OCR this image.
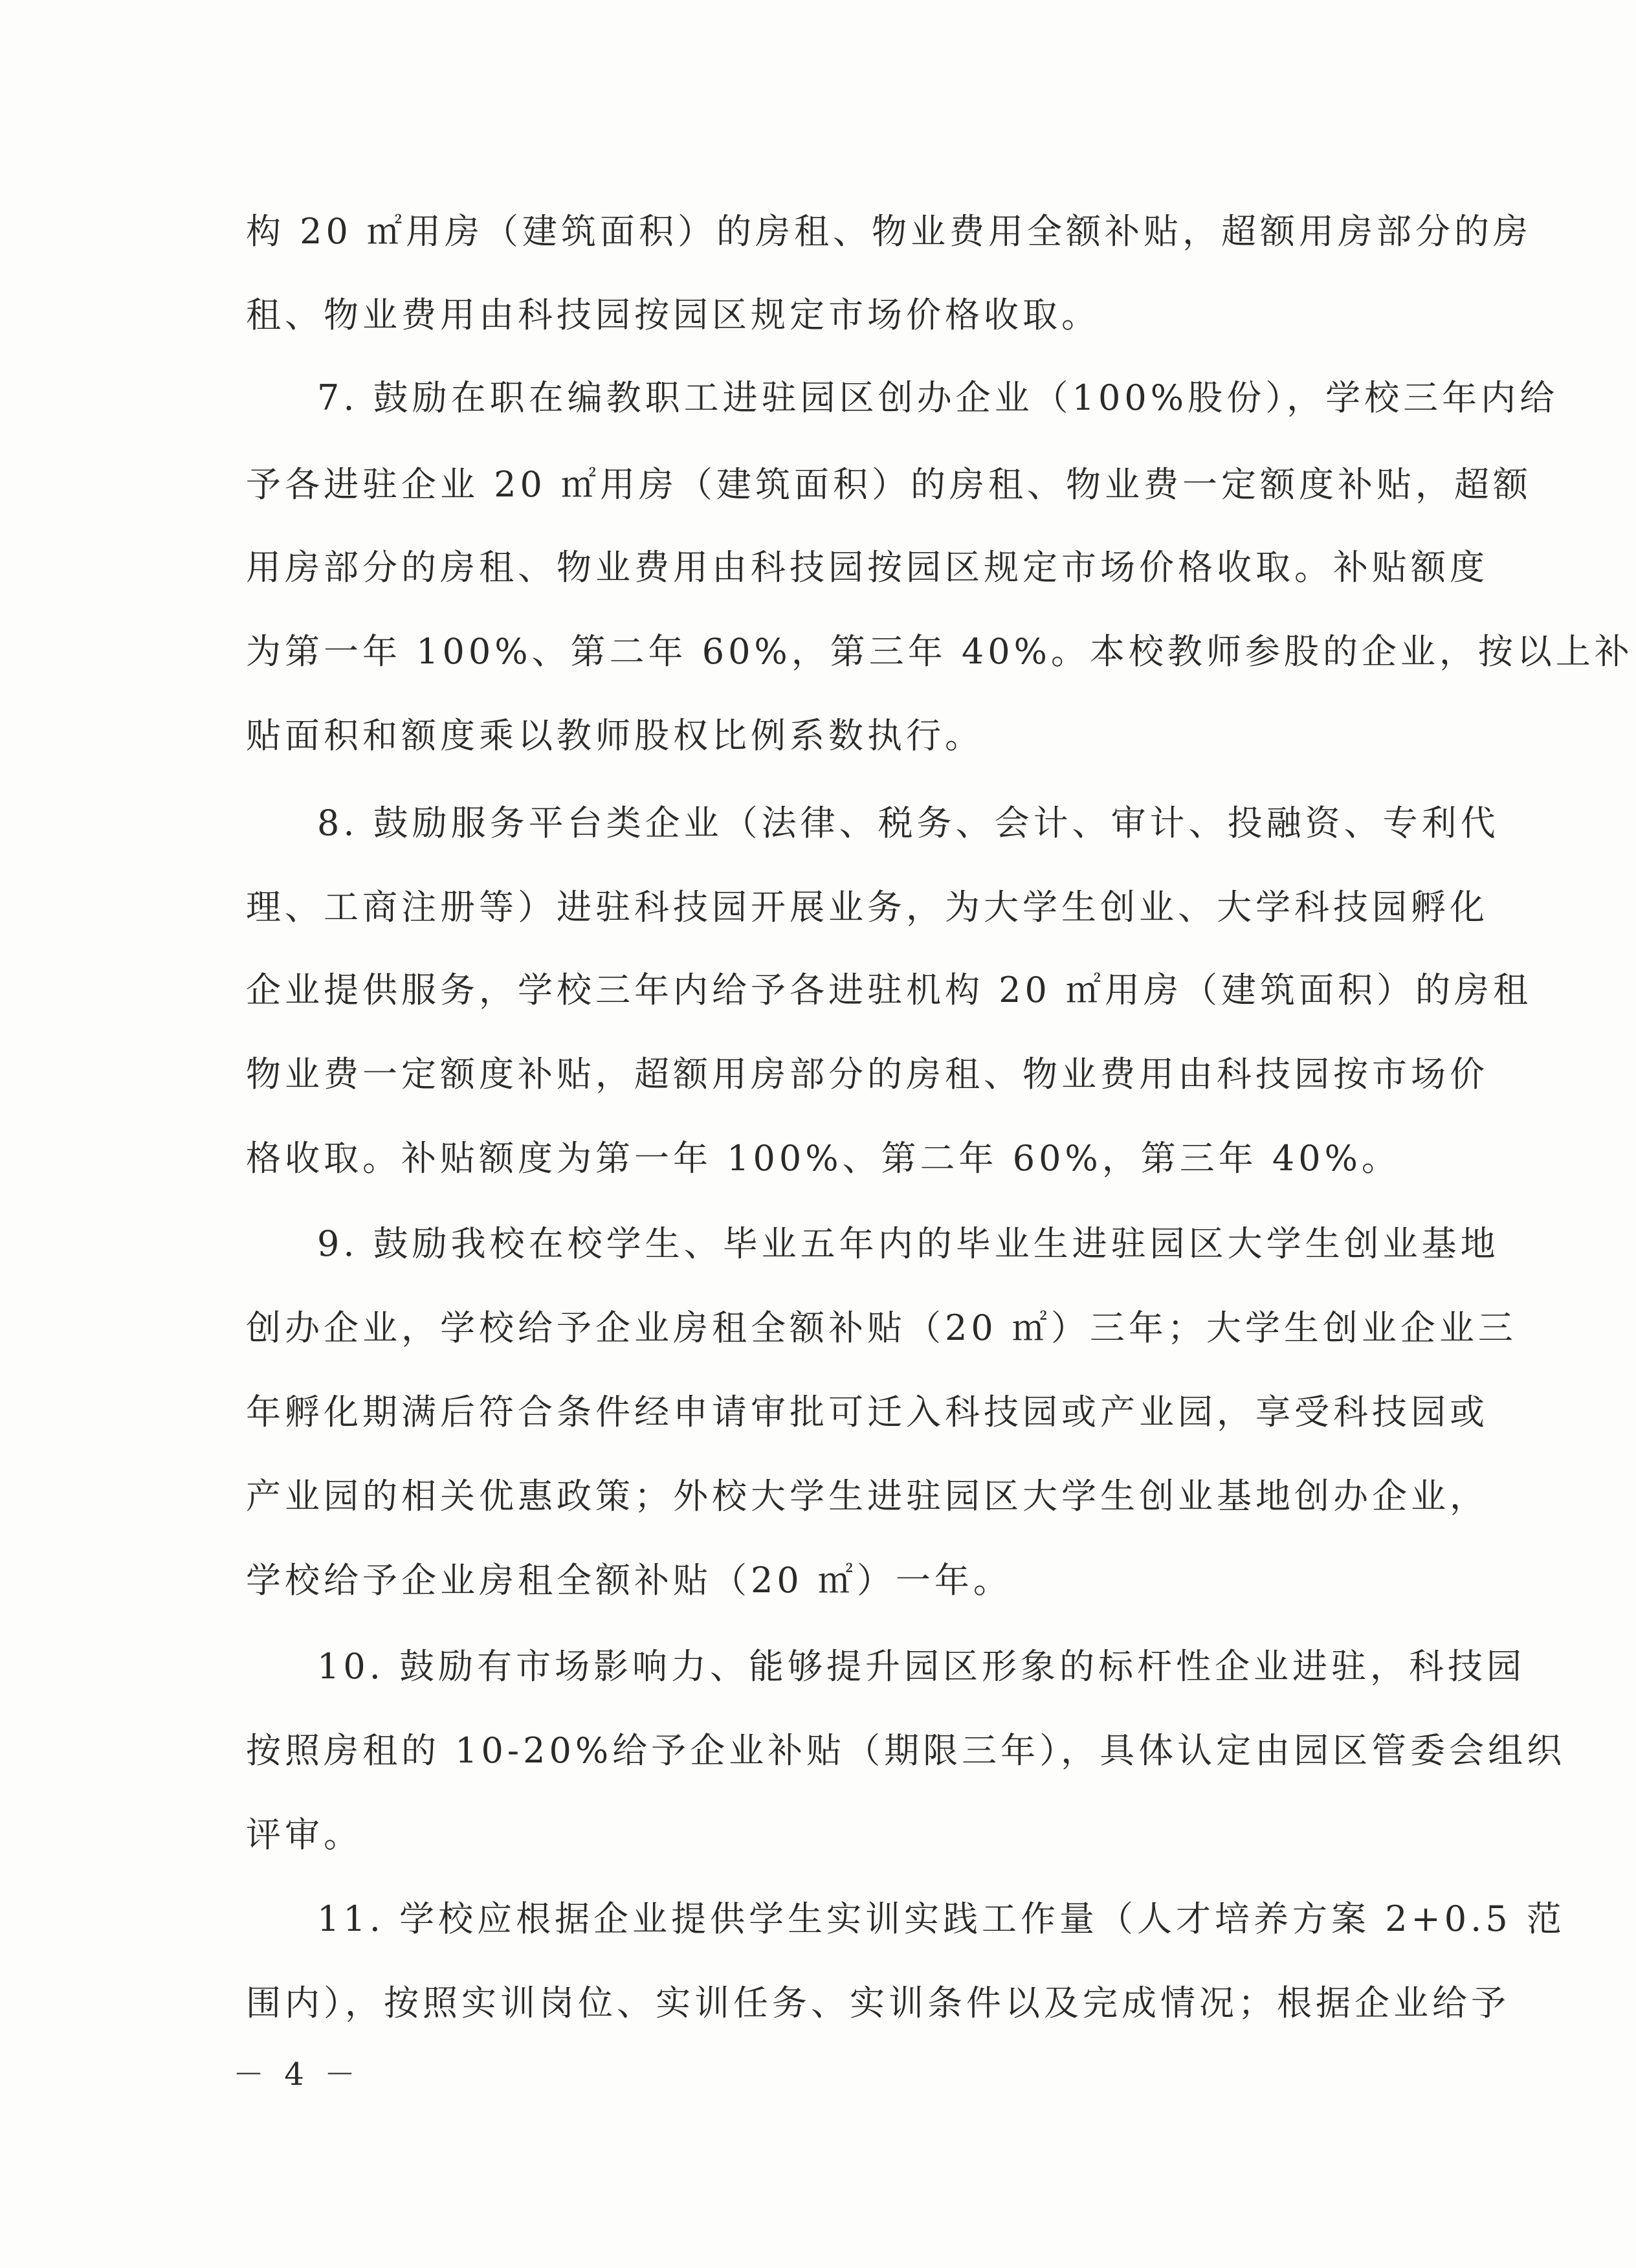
构 20 ㎡用房（建筑面积）的房租、物业费用全额补贴，超额用房部分的房
租、物业费用由科技园按园区规定市场价格收取。
7. 鼓励在职在编教职工进驻园区创办企业（100%股份），学校三年内给
予各进驻企业 20 ㎡用房（建筑面积）的房租、物业费一定额度补贴，超额
用房部分的房租、物业费用由科技园按园区规定市场价格收取。补贴额度
为第一年 100%、第二年 60%，第三年 40%。本校教师参股的企业，按以上补
贴面积和额度乘以教师股权比例系数执行。
8. 鼓励服务平台类企业（法律、税务、会计、审计、投融资、专利代
理、工商注册等）进驻科技园开展业务，为大学生创业、大学科技园孵化
企业提供服务，学校三年内给予各进驻机构 20 ㎡用房（建筑面积）的房租
物业费一定额度补贴，超额用房部分的房租、物业费用由科技园按市场价
格收取。补贴额度为第一年 100%、第二年 60%，第三年 40%。
9. 鼓励我校在校学生、毕业五年内的毕业生进驻园区大学生创业基地
创办企业，学校给予企业房租全额补贴（20 ㎡）三年；大学生创业企业三
年孵化期满后符合条件经申请审批可迁入科技园或产业园，享受科技园或
产业园的相关优惠政策；外校大学生进驻园区大学生创业基地创办企业，
学校给予企业房租全额补贴（20 ㎡）一年。
10. 鼓励有市场影响力、能够提升园区形象的标杆性企业进驻，科技园
按照房租的 10-20%给予企业补贴（期限三年），具体认定由园区管委会组织
评审。
11. 学校应根据企业提供学生实训实践工作量（人才培养方案 2+0.5 范
围内），按照实训岗位、实训任务、实训条件以及完成情况；根据企业给予
－ 4 －
